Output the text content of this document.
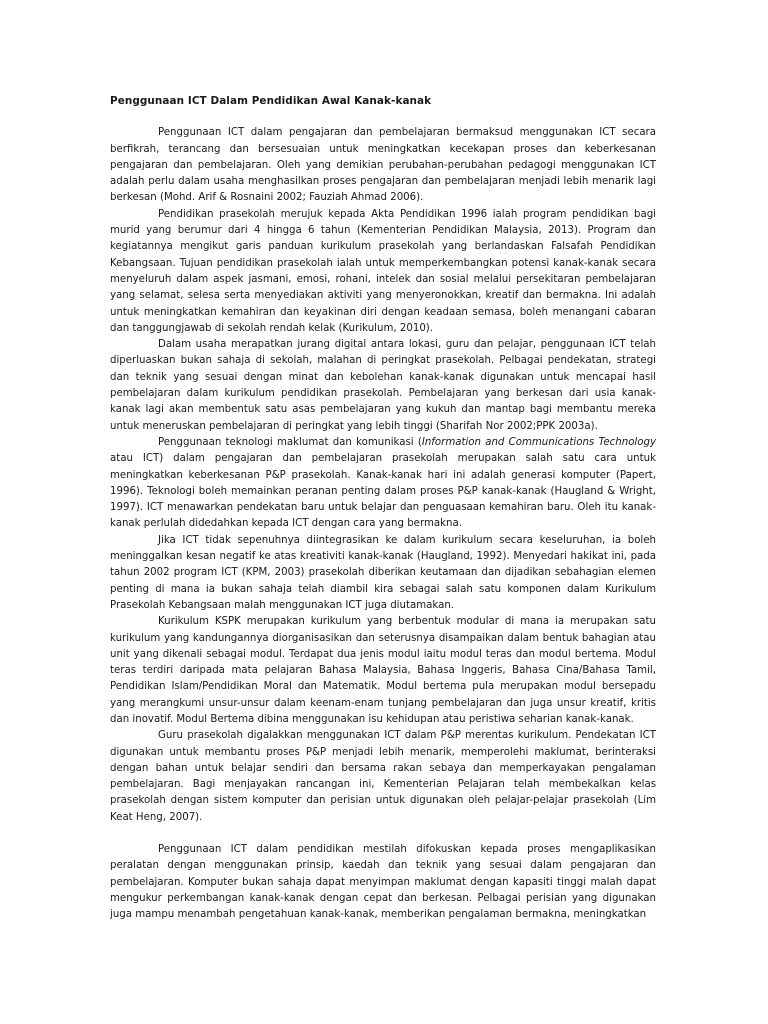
Penggunaan ICT Dalam Pendidikan Awal Kanak-kanak

Penggunaan ICT dalam pengajaran dan pembelajaran bermaksud menggunakan ICT secara berfikrah, terancang dan bersesuaian untuk meningkatkan kecekapan proses dan keberkesanan pengajaran dan pembelajaran. Oleh yang demikian perubahan-perubahan pedagogi menggunakan ICT adalah perlu dalam usaha menghasilkan proses pengajaran dan pembelajaran menjadi lebih menarik lagi berkesan (Mohd. Arif & Rosnaini 2002; Fauziah Ahmad 2006).

Pendidikan prasekolah merujuk kepada Akta Pendidikan 1996 ialah program pendidikan bagi murid yang berumur dari 4 hingga 6 tahun (Kementerian Pendidikan Malaysia, 2013). Program dan kegiatannya mengikut garis panduan kurikulum prasekolah yang berlandaskan Falsafah Pendidikan Kebangsaan. Tujuan pendidikan prasekolah ialah untuk memperkembangkan potensi kanak-kanak secara menyeluruh dalam aspek jasmani, emosi, rohani, intelek dan sosial melalui persekitaran pembelajaran yang selamat, selesa serta menyediakan aktiviti yang menyeronokkan, kreatif dan bermakna. Ini adalah untuk meningkatkan kemahiran dan keyakinan diri dengan keadaan semasa, boleh menangani cabaran dan tanggungjawab di sekolah rendah kelak (Kurikulum, 2010).

Dalam usaha merapatkan jurang digital antara lokasi, guru dan pelajar, penggunaan ICT telah diperluaskan bukan sahaja di sekolah, malahan di peringkat prasekolah. Pelbagai pendekatan, strategi dan teknik yang sesuai dengan minat dan kebolehan kanak-kanak digunakan untuk mencapai hasil pembelajaran dalam kurikulum pendidikan prasekolah. Pembelajaran yang berkesan dari usia kanak-kanak lagi akan membentuk satu asas pembelajaran yang kukuh dan mantap bagi membantu mereka untuk meneruskan pembelajaran di peringkat yang lebih tinggi (Sharifah Nor 2002;PPK 2003a).

Penggunaan teknologi maklumat dan komunikasi (Information and Communications Technology atau ICT) dalam pengajaran dan pembelajaran prasekolah merupakan salah satu cara untuk meningkatkan keberkesanan P&P prasekolah. Kanak-kanak hari ini adalah generasi komputer (Papert, 1996). Teknologi boleh memainkan peranan penting dalam proses P&P kanak-kanak (Haugland & Wright, 1997). ICT menawarkan pendekatan baru untuk belajar dan penguasaan kemahiran baru. Oleh itu kanak-kanak perlulah didedahkan kepada ICT dengan cara yang bermakna.

Jika ICT tidak sepenuhnya diintegrasikan ke dalam kurikulum secara keseluruhan, ia boleh meninggalkan kesan negatif ke atas kreativiti kanak-kanak (Haugland, 1992). Menyedari hakikat ini, pada tahun 2002 program ICT (KPM, 2003) prasekolah diberikan keutamaan dan dijadikan sebahagian elemen penting di mana ia bukan sahaja telah diambil kira sebagai salah satu komponen dalam Kurikulum Prasekolah Kebangsaan malah menggunakan ICT juga diutamakan.

Kurikulum KSPK merupakan kurikulum yang berbentuk modular di mana ia merupakan satu kurikulum yang kandungannya diorganisasikan dan seterusnya disampaikan dalam bentuk bahagian atau unit yang dikenali sebagai modul. Terdapat dua jenis modul iaitu modul teras dan modul bertema. Modul teras terdiri daripada mata pelajaran Bahasa Malaysia, Bahasa Inggeris, Bahasa Cina/Bahasa Tamil, Pendidikan Islam/Pendidikan Moral dan Matematik. Modul bertema pula merupakan modul bersepadu yang merangkumi unsur-unsur dalam keenam-enam tunjang pembelajaran dan juga unsur kreatif, kritis dan inovatif. Modul Bertema dibina menggunakan isu kehidupan atau peristiwa seharian kanak-kanak.

Guru prasekolah digalakkan menggunakan ICT dalam P&P merentas kurikulum. Pendekatan ICT digunakan untuk membantu proses P&P menjadi lebih menarik, memperolehi maklumat, berinteraksi dengan bahan untuk belajar sendiri dan bersama rakan sebaya dan memperkayakan pengalaman pembelajaran. Bagi menjayakan rancangan ini, Kementerian Pelajaran telah membekalkan kelas prasekolah dengan sistem komputer dan perisian untuk digunakan oleh pelajar-pelajar prasekolah (Lim Keat Heng, 2007).

Penggunaan ICT dalam pendidikan mestilah difokuskan kepada proses mengaplikasikan peralatan dengan menggunakan prinsip, kaedah dan teknik yang sesuai dalam pengajaran dan pembelajaran. Komputer bukan sahaja dapat menyimpan maklumat dengan kapasiti tinggi malah dapat mengukur perkembangan kanak-kanak dengan cepat dan berkesan. Pelbagai perisian yang digunakan juga mampu menambah pengetahuan kanak-kanak, memberikan pengalaman bermakna, meningkatkan
